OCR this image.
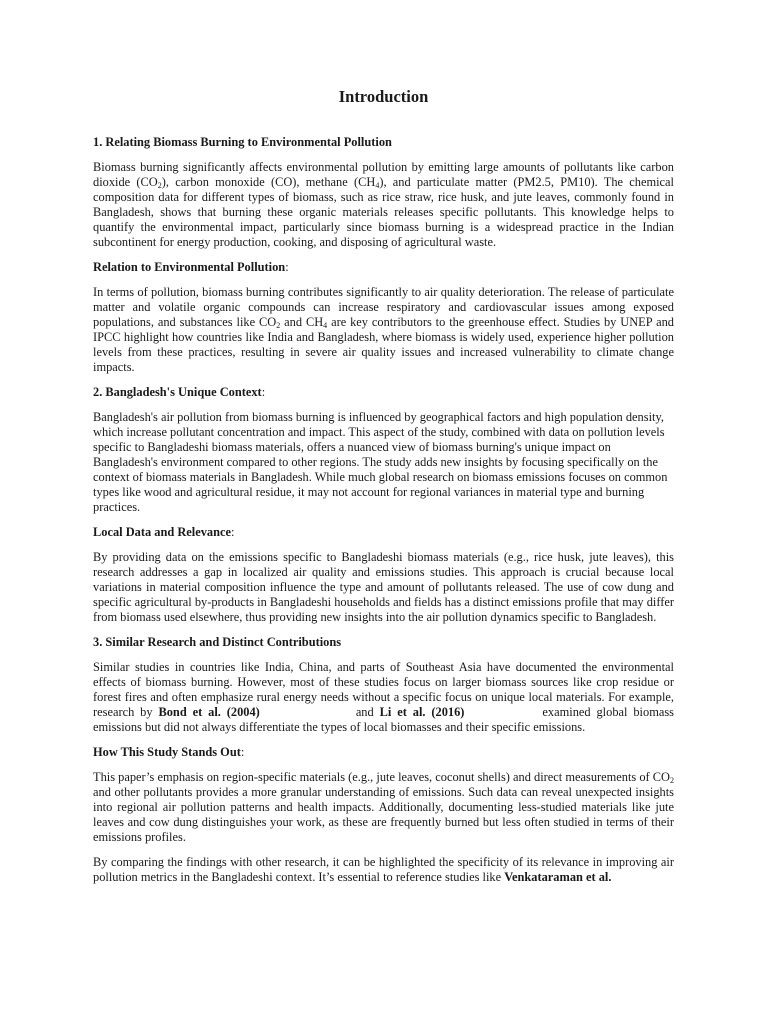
Introduction
1. Relating Biomass Burning to Environmental Pollution

Biomass burning significantly affects environmental pollution by emitting large amounts of pollutants like carbon dioxide $(CO_2)$, carbon monoxide (CO), methane $(CH_4)$, and particulate matter (PM2.5, PM10). The chemical composition data for different types of biomass, such as rice straw, rice husk, and jute leaves, commonly found in Bangladesh, shows that burning these organic materials releases specific pollutants. This knowledge helps to quantify the environmental impact, particularly since biomass burning is a widespread practice in the Indian subcontinent for energy production, cooking, and disposing of agricultural waste.

Relation to Environmental Pollution:

In terms of pollution, biomass burning contributes significantly to air quality deterioration. The release of particulate matter and volatile organic compounds can increase respiratory and cardiovascular issues among exposed populations, and substances like $CO_2$ and $CH_4$ are key contributors to the greenhouse effect. Studies by UNEP and IPCC highlight how countries like India and Bangladesh, where biomass is widely used, experience higher pollution levels from these practices, resulting in severe air quality issues and increased vulnerability to climate change impacts.

2. Bangladesh's Unique Context:

Bangladesh's air pollution from biomass burning is influenced by geographical factors and high population density, which increase pollutant concentration and impact. This aspect of the study, combined with data on pollution levels specific to Bangladeshi biomass materials, offers a nuanced view of biomass burning's unique impact on Bangladesh's environment compared to other regions. The study adds new insights by focusing specifically on the context of biomass materials in Bangladesh. While much global research on biomass emissions focuses on common types like wood and agricultural residue, it may not account for regional variances in material type and burning practices.

Local Data and Relevance:

By providing data on the emissions specific to Bangladeshi biomass materials (e.g., rice husk, jute leaves), this research addresses a gap in localized air quality and emissions studies. This approach is crucial because local variations in material composition influence the type and amount of pollutants released. The use of cow dung and specific agricultural by-products in Bangladeshi households and fields has a distinct emissions profile that may differ from biomass used elsewhere, thus providing new insights into the air pollution dynamics specific to Bangladesh.

3. Similar Research and Distinct Contributions

Similar studies in countries like India, China, and parts of Southeast Asia have documented the environmental effects of biomass burning. However, most of these studies focus on larger biomass sources like crop residue or forest fires and often emphasize rural energy needs without a specific focus on unique local materials. For example, research by Bond et al. (2004)	and Li et al. (2016)	examined global biomass emissions but did not always differentiate the types of local biomasses and their specific emissions.

How This Study Stands Out:

This paper’s emphasis on region-specific materials (e.g., jute leaves, coconut shells) and direct measurements of $CO_2$ and other pollutants provides a more granular understanding of emissions. Such data can reveal unexpected insights into regional air pollution patterns and health impacts. Additionally, documenting less-studied materials like jute leaves and cow dung distinguishes your work, as these are frequently burned but less often studied in terms of their emissions profiles.

By comparing the findings with other research, it can be highlighted the specificity of its relevance in improving air pollution metrics in the Bangladeshi context. It’s essential to reference studies like Venkataraman et al.
